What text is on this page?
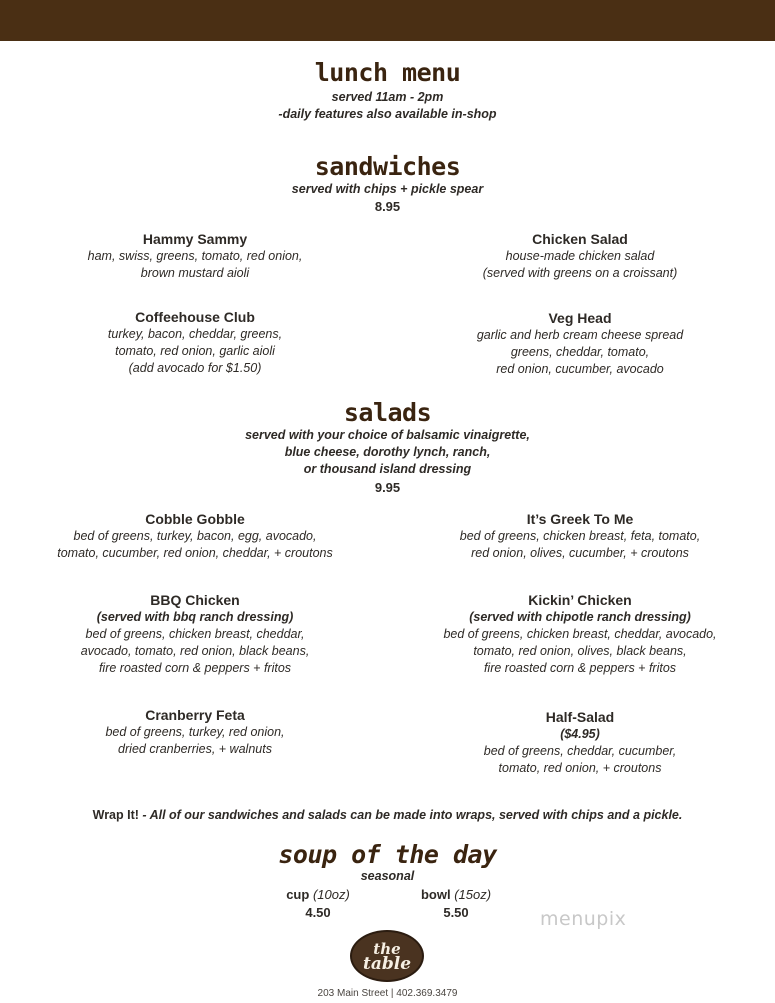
lunch menu
served 11am - 2pm
-daily features also available in-shop
sandwiches
served with chips + pickle spear
8.95
Hammy Sammy
ham, swiss, greens, tomato, red onion,
brown mustard aioli
Chicken Salad
house-made chicken salad
(served with greens on a croissant)
Coffeehouse Club
turkey, bacon, cheddar, greens,
tomato, red onion, garlic aioli
(add avocado for $1.50)
Veg Head
garlic and herb cream cheese spread
greens, cheddar, tomato,
red onion, cucumber, avocado
salads
served with your choice of balsamic vinaigrette,
blue cheese, dorothy lynch, ranch,
or thousand island dressing
9.95
Cobble Gobble
bed of greens, turkey, bacon, egg, avocado,
tomato, cucumber, red onion, cheddar, + croutons
It’s Greek To Me
bed of greens, chicken breast, feta, tomato,
red onion, olives, cucumber, + croutons
BBQ Chicken
(served with bbq ranch dressing)
bed of greens, chicken breast, cheddar,
avocado, tomato, red onion, black beans,
fire roasted corn & peppers + fritos
Kickin’ Chicken
(served with chipotle ranch dressing)
bed of greens, chicken breast, cheddar, avocado,
tomato, red onion, olives, black beans,
fire roasted corn & peppers + fritos
Cranberry Feta
bed of greens, turkey, red onion,
dried cranberries, + walnuts
Half-Salad
($4.95)
bed of greens, cheddar, cucumber,
tomato, red onion, + croutons
Wrap It! - All of our sandwiches and salads can be made into wraps, served with chips and a pickle.
soup of the day
seasonal
cup (10oz)
4.50
bowl (15oz)
5.50	menupix
the
table
203 Main Street | 402.369.3479
